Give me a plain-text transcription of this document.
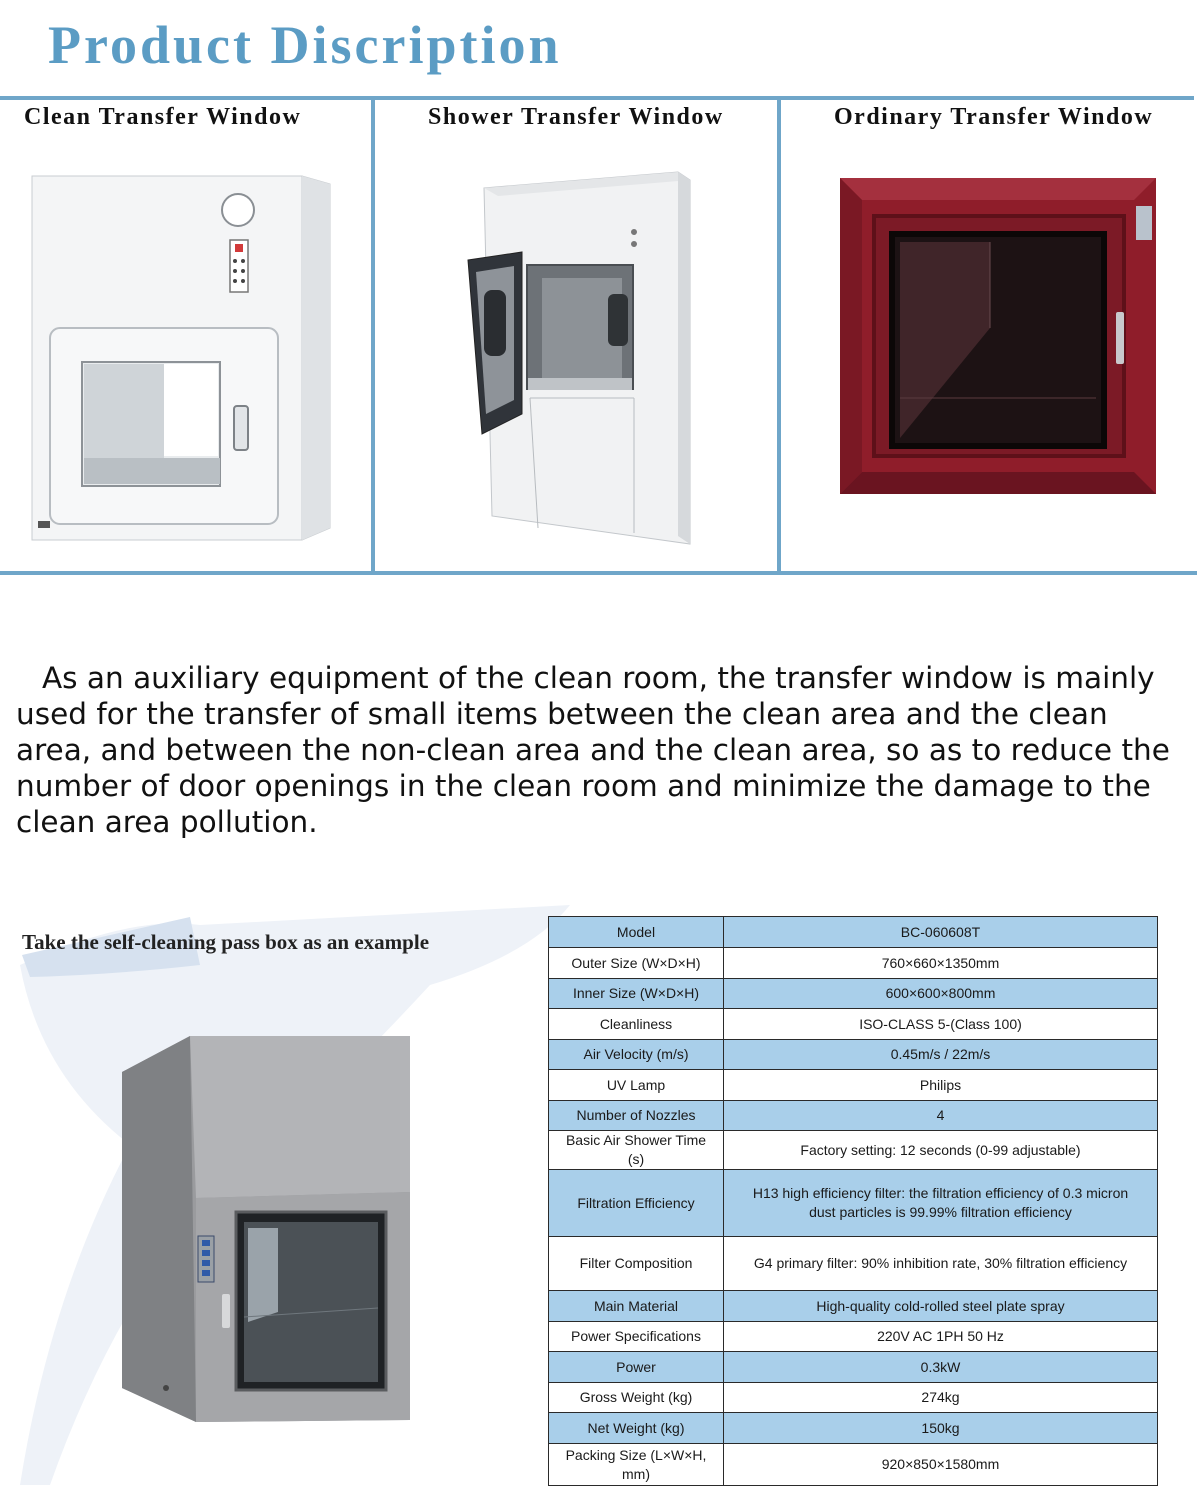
Product Discription
Clean Transfer Window	Shower Transfer Window	Ordinary Transfer Window

As an auxiliary equipment of the clean room, the transfer window is mainly used for the transfer of small items between the clean area and the clean area, and between the non-clean area and the clean area, so as to reduce the number of door openings in the clean room and minimize the damage to the clean area pollution.

Take the self-cleaning pass box as an example	Model	BC-060608T
Outer Size (W×D×H)	760×660×1350mm
Inner Size (W×D×H)	600×600×800mm
Cleanliness	ISO-CLASS 5-(Class 100)
Air Velocity (m/s)	0.45m/s / 22m/s
UV Lamp	Philips
Number of Nozzles	4
Basic Air Shower Time (s)	Factory setting: 12 seconds (0-99 adjustable)
Filtration Efficiency	H13 high efficiency filter: the filtration efficiency of 0.3 micron dust particles is 99.99% filtration efficiency
Filter Composition	G4 primary filter: 90% inhibition rate, 30% filtration efficiency
Main Material	High-quality cold-rolled steel plate spray
Power Specifications	220V AC 1PH 50 Hz
Power	0.3kW
Gross Weight (kg)	274kg
Net Weight (kg)	150kg
Packing Size (L×W×H, mm)	920×850×1580mm
